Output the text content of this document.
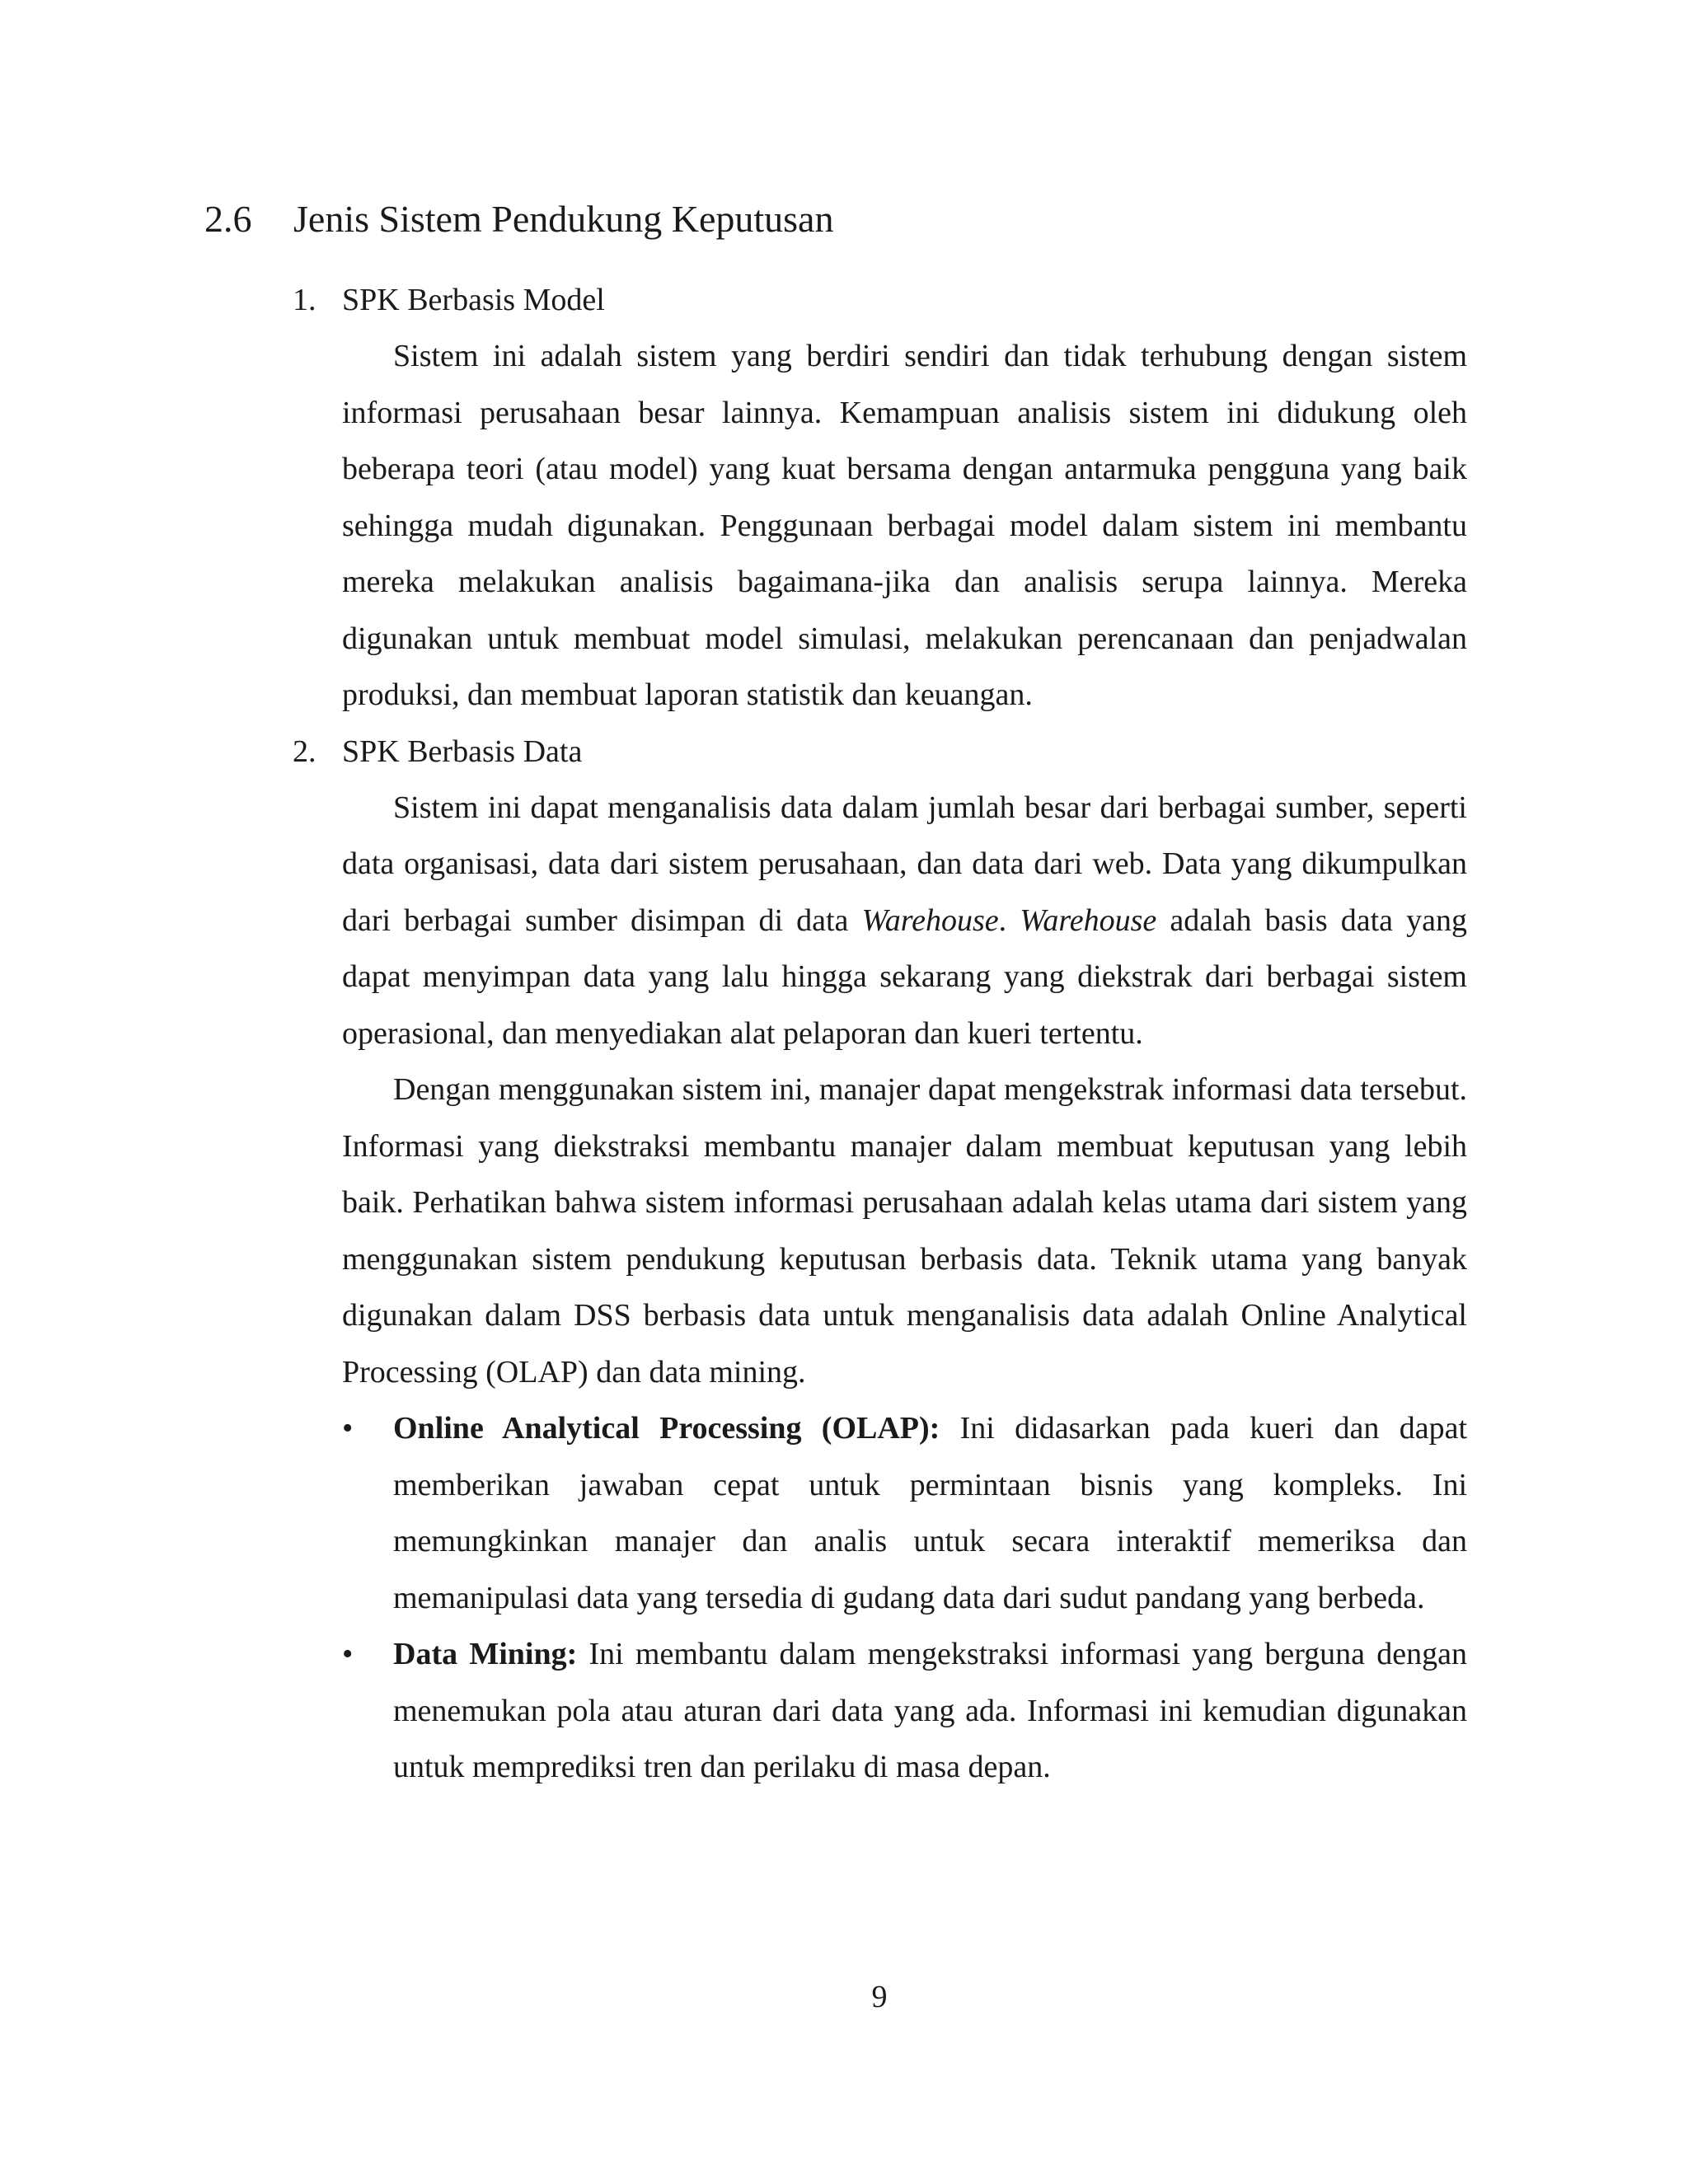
2.6 Jenis Sistem Pendukung Keputusan
1. SPK Berbasis Model

Sistem ini adalah sistem yang berdiri sendiri dan tidak terhubung dengan sistem informasi perusahaan besar lainnya. Kemampuan analisis sistem ini didukung oleh beberapa teori (atau model) yang kuat bersama dengan antarmuka pengguna yang baik sehingga mudah digunakan. Penggunaan berbagai model dalam sistem ini membantu mereka melakukan analisis bagaimana-jika dan analisis serupa lainnya. Mereka digunakan untuk membuat model simulasi, melakukan perencanaan dan penjadwalan produksi, dan membuat laporan statistik dan keuangan.

2. SPK Berbasis Data

Sistem ini dapat menganalisis data dalam jumlah besar dari berbagai sumber, seperti data organisasi, data dari sistem perusahaan, dan data dari web. Data yang dikumpulkan dari berbagai sumber disimpan di data Warehouse. Warehouse adalah basis data yang dapat menyimpan data yang lalu hingga sekarang yang diekstrak dari berbagai sistem operasional, dan menyediakan alat pelaporan dan kueri tertentu.

Dengan menggunakan sistem ini, manajer dapat mengekstrak informasi data tersebut. Informasi yang diekstraksi membantu manajer dalam membuat keputusan yang lebih baik. Perhatikan bahwa sistem informasi perusahaan adalah kelas utama dari sistem yang menggunakan sistem pendukung keputusan berbasis data. Teknik utama yang banyak digunakan dalam DSS berbasis data untuk menganalisis data adalah Online Analytical Processing (OLAP) dan data mining.

• Online Analytical Processing (OLAP): Ini didasarkan pada kueri dan dapat memberikan jawaban cepat untuk permintaan bisnis yang kompleks. Ini memungkinkan manajer dan analis untuk secara interaktif memeriksa dan memanipulasi data yang tersedia di gudang data dari sudut pandang yang berbeda.
• Data Mining: Ini membantu dalam mengekstraksi informasi yang berguna dengan menemukan pola atau aturan dari data yang ada. Informasi ini kemudian digunakan untuk memprediksi tren dan perilaku di masa depan.
9
